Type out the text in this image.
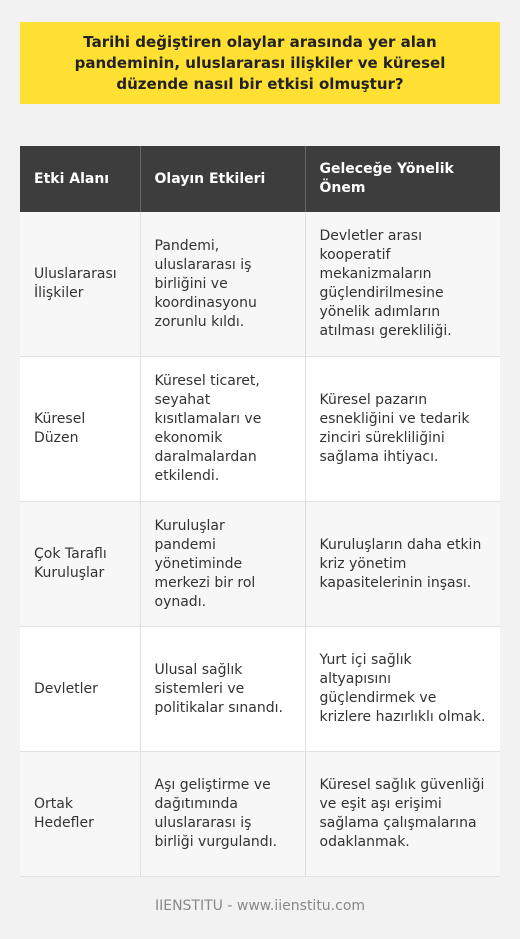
Tarihi değiştiren olaylar arasında yer alan pandeminin, uluslararası ilişkiler ve küresel düzende nasıl bir etkisi olmuştur?
Etki Alanı	Olayın Etkileri	Geleceğe Yönelik Önem
Uluslararası İlişkiler	Pandemi, uluslararası iş birliğini ve koordinasyonu zorunlu kıldı.	Devletler arası kooperatif mekanizmaların güçlendirilmesine yönelik adımların atılması gerekliliği.
Küresel Düzen	Küresel ticaret, seyahat kısıtlamaları ve ekonomik daralmalardan etkilendi.	Küresel pazarın esnekliğini ve tedarik zinciri sürekliliğini sağlama ihtiyacı.
Çok Taraflı Kuruluşlar	Kuruluşlar pandemi yönetiminde merkezi bir rol oynadı.	Kuruluşların daha etkin kriz yönetim kapasitelerinin inşası.
Devletler	Ulusal sağlık sistemleri ve politikalar sınandı.	Yurt içi sağlık altyapısını güçlendirmek ve krizlere hazırlıklı olmak.
Ortak Hedefler	Aşı geliştirme ve dağıtımında uluslararası iş birliği vurgulandı.	Küresel sağlık güvenliği ve eşit aşı erişimi sağlama çalışmalarına odaklanmak.
IIENSTITU - www.iienstitu.com
